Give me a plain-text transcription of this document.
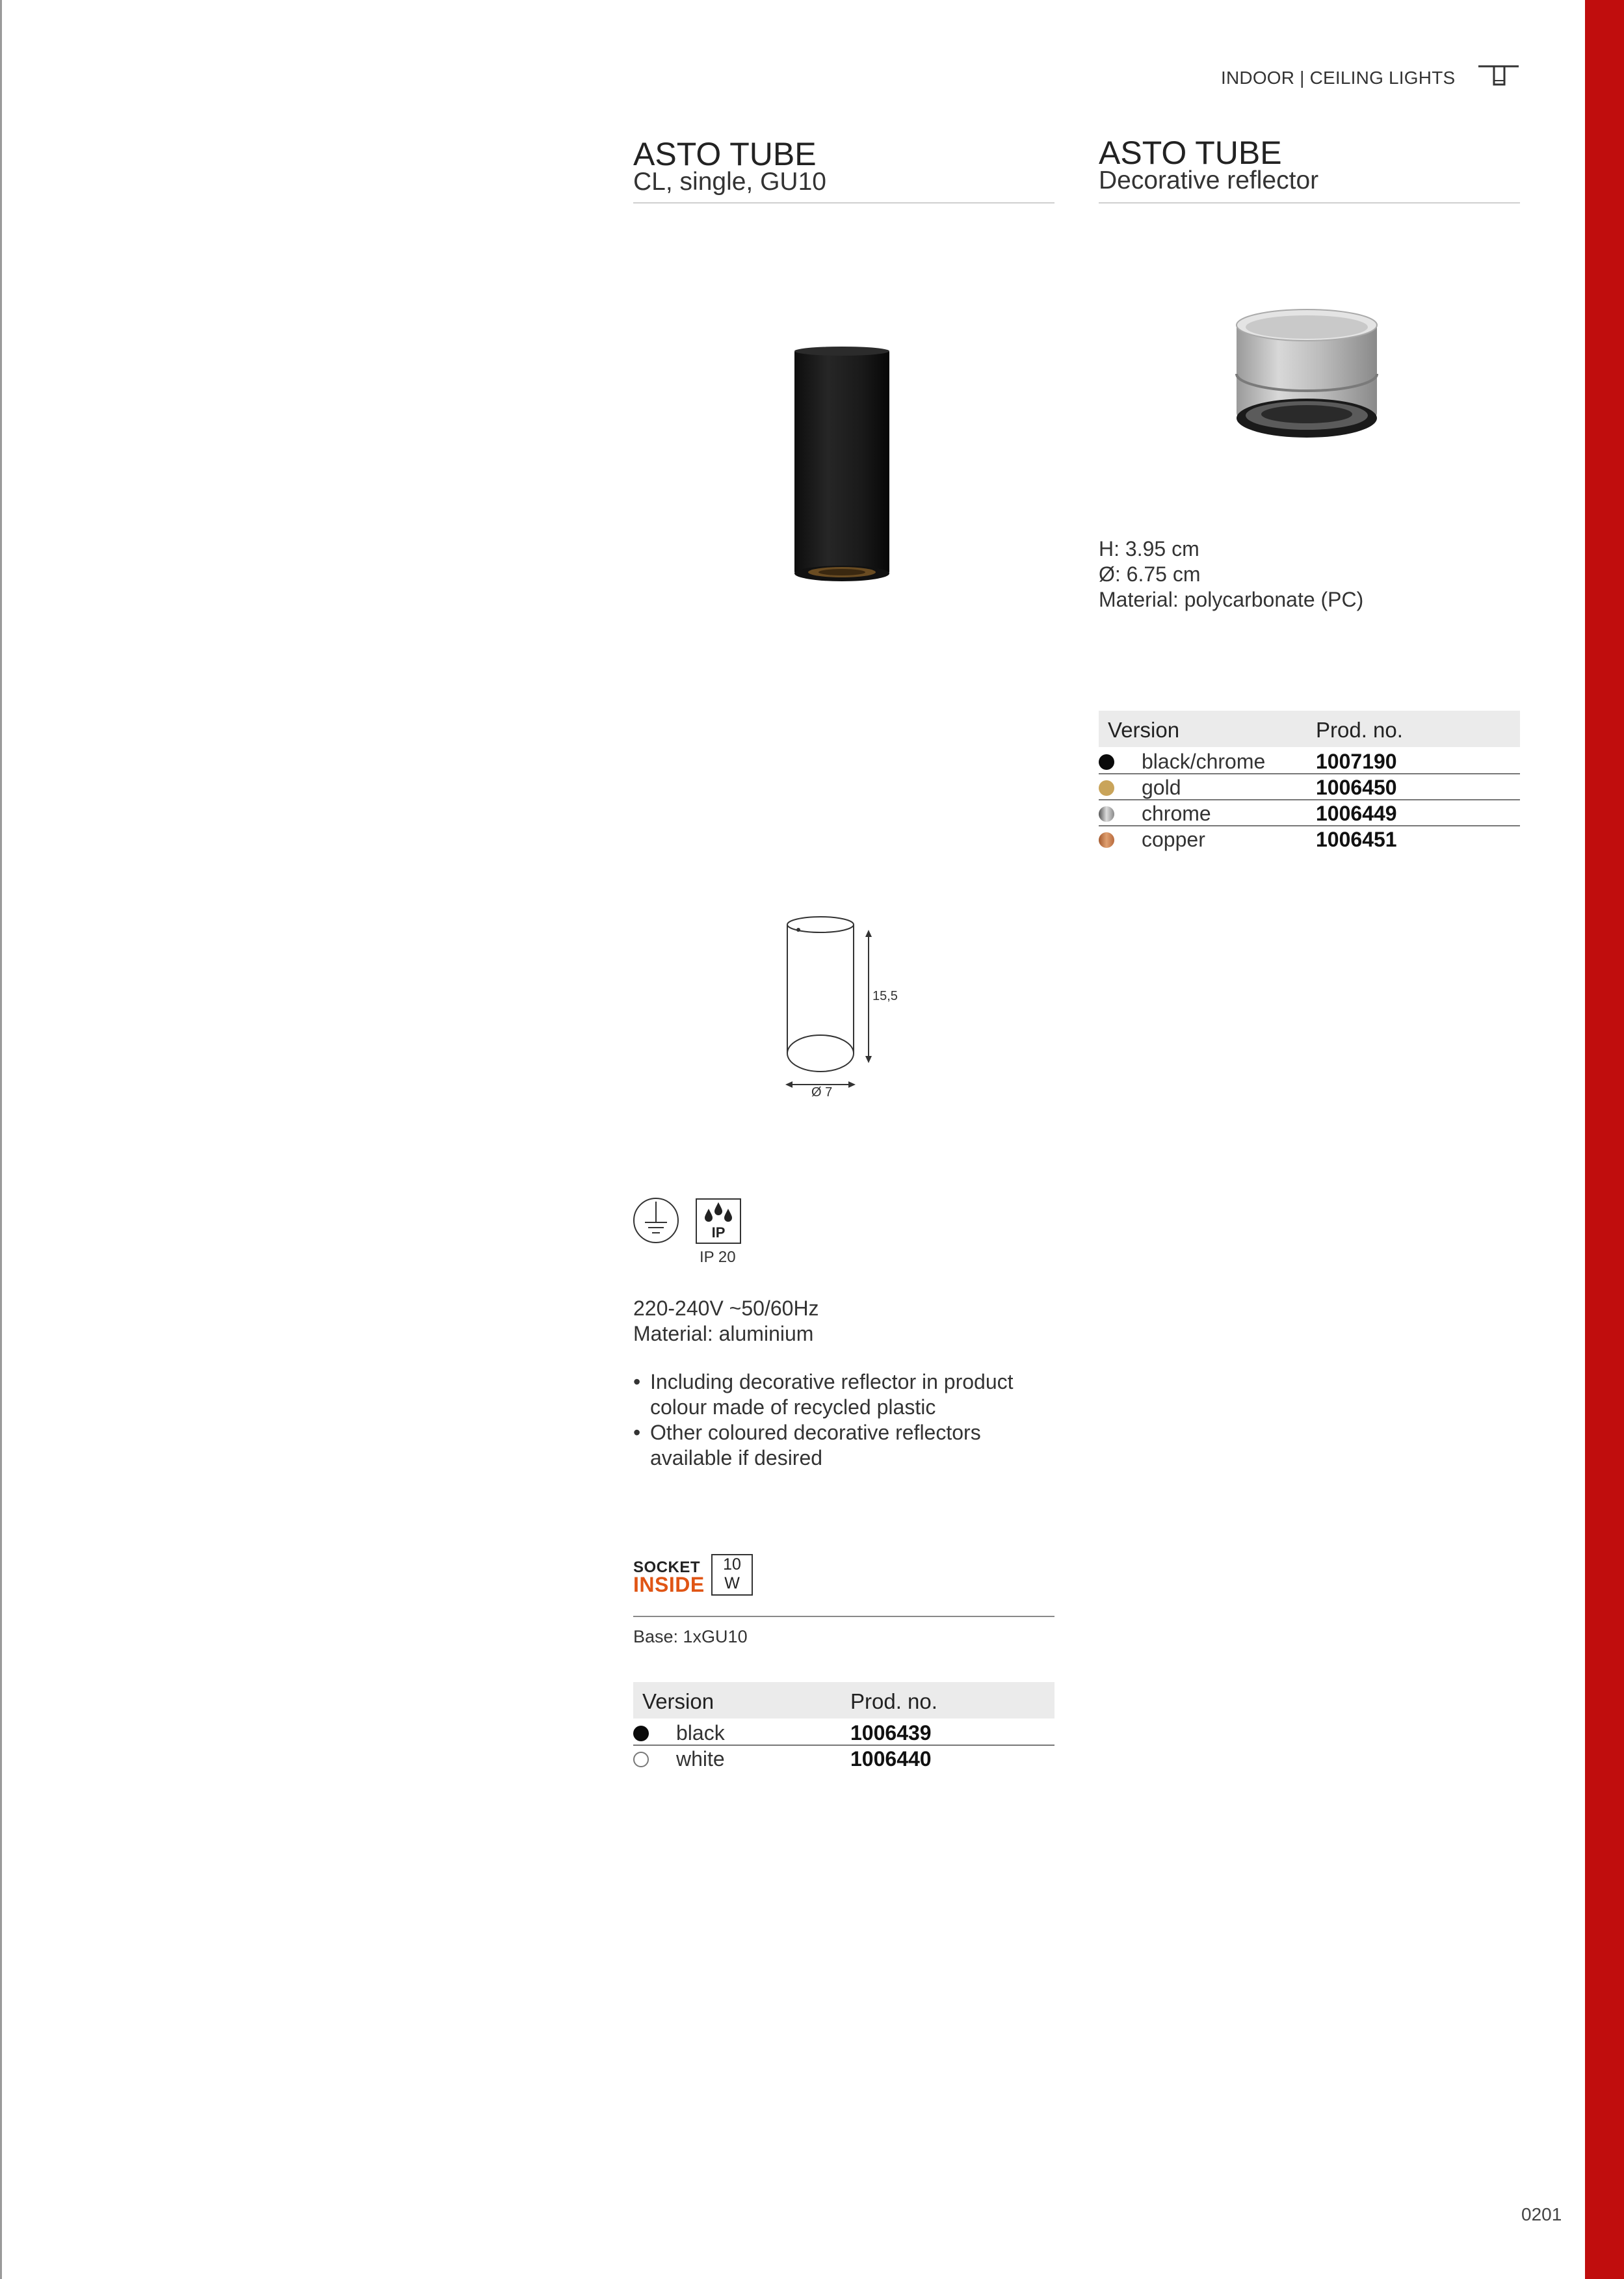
INDOOR | CEILING LIGHTS
ASTO TUBE
CL, single, GU10
15,5
Ø 7
IP
IP 20
220-240V ~50/60Hz
Material: aluminium
• Including decorative reflector in product
colour made of recycled plastic
• Other coloured decorative reflectors
available if desired
SOCKET
INSIDE
10
W
Base: 1xGU10
Version	Prod. no.
black	1006439
white	1006440
ASTO TUBE
Decorative reflector
H: 3.95 cm
Ø: 6.75 cm
Material: polycarbonate (PC)
Version	Prod. no.
black/chrome 1007190
gold	1006450
chrome	1006449
copper	1006451
0201
